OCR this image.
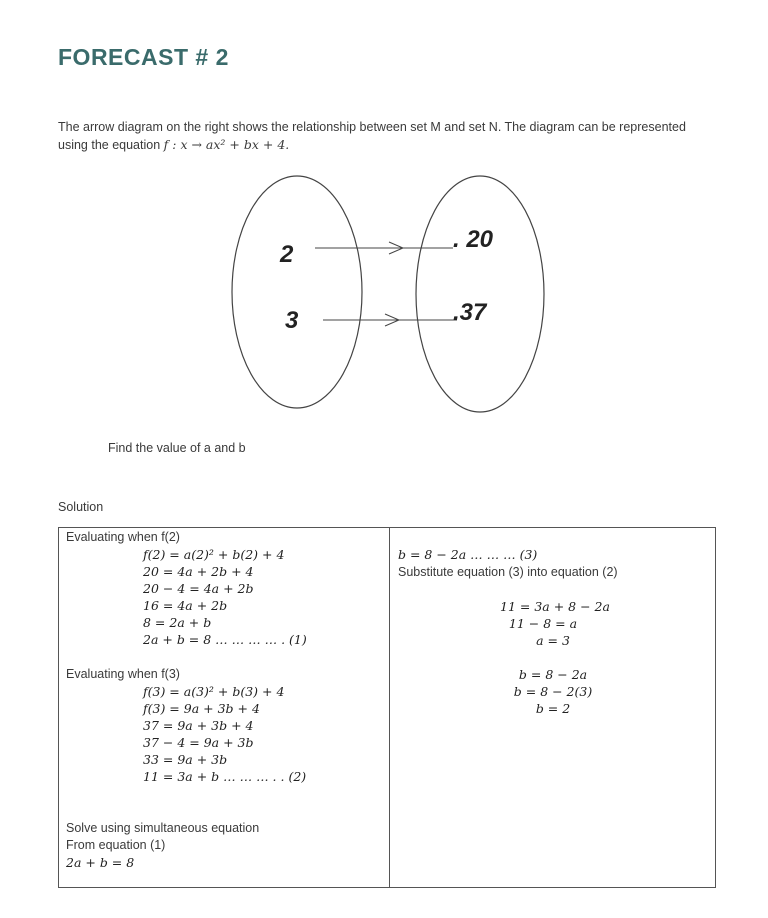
FORECAST # 2

The arrow diagram on the right shows the relationship between set M and set N. The diagram can be represented using the equation f : x → ax² + bx + 4.

2
3
. 20
.37

Find the value of a and b

Solution

Evaluating when f(2)
f(2) = a(2)² + b(2) + 4
20 = 4a + 2b + 4
20 − 4 = 4a + 2b
16 = 4a + 2b
8 = 2a + b
2a + b = 8 … … … … . (1)
Evaluating when f(3)
f(3) = a(3)² + b(3) + 4
f(3) = 9a + 3b + 4
37 = 9a + 3b + 4
37 − 4 = 9a + 3b
33 = 9a + 3b
11 = 3a + b … … … . . (2)
Solve using simultaneous equation
From equation (1)
2a + b = 8
b = 8 − 2a … … … (3)
Substitute equation (3) into equation (2)
11 = 3a + 8 − 2a
11 − 8 = a
a = 3
b = 8 − 2a
b = 8 − 2(3)
b = 2
